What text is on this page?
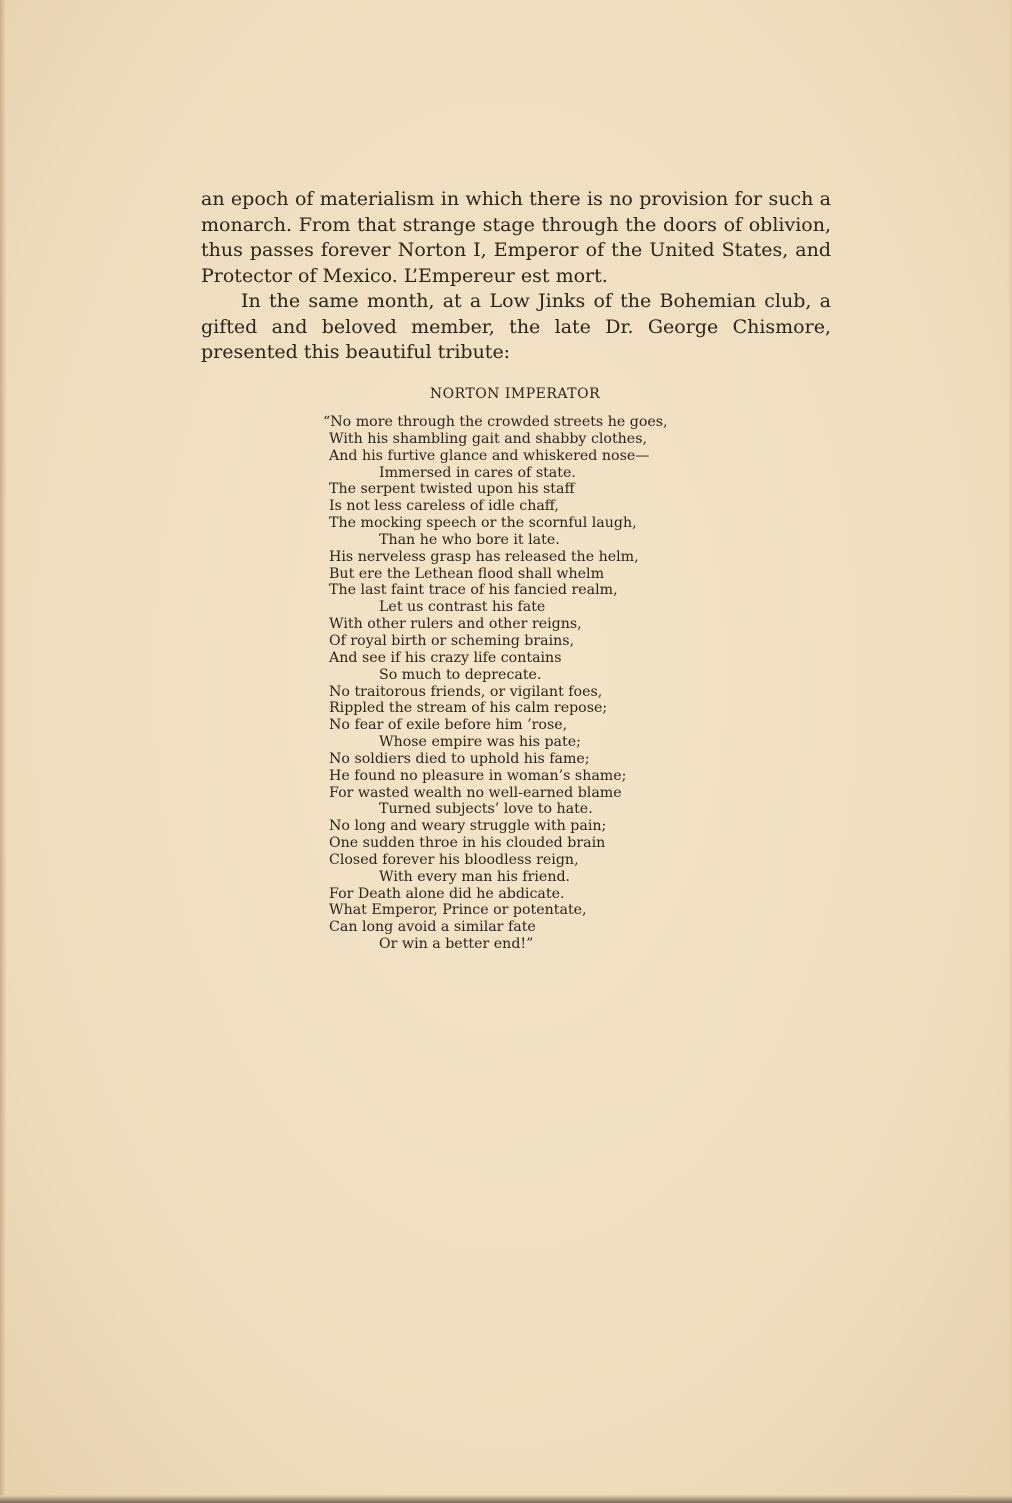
an epoch of materialism in which there is no provision for such a monarch. From that strange stage through the doors of oblivion, thus passes forever Norton I, Emperor of the United States, and Protector of Mexico. L’Empereur est mort.

In the same month, at a Low Jinks of the Bohemian club, a gifted and beloved member, the late Dr. George Chismore, presented this beautiful tribute:

NORTON IMPERATOR
“No more through the crowded streets he goes,
With his shambling gait and shabby clothes,
And his furtive glance and whiskered nose—
Immersed in cares of state.
The serpent twisted upon his staff
Is not less careless of idle chaff,
The mocking speech or the scornful laugh,
Than he who bore it late.
His nerveless grasp has released the helm,
But ere the Lethean flood shall whelm
The last faint trace of his fancied realm,
Let us contrast his fate
With other rulers and other reigns,
Of royal birth or scheming brains,
And see if his crazy life contains
So much to deprecate.
No traitorous friends, or vigilant foes,
Rippled the stream of his calm repose;
No fear of exile before him ’rose,
Whose empire was his pate;
No soldiers died to uphold his fame;
He found no pleasure in woman’s shame;
For wasted wealth no well-earned blame
Turned subjects’ love to hate.
No long and weary struggle with pain;
One sudden throe in his clouded brain
Closed forever his bloodless reign,
With every man his friend.
For Death alone did he abdicate.
What Emperor, Prince or potentate,
Can long avoid a similar fate
Or win a better end!”
